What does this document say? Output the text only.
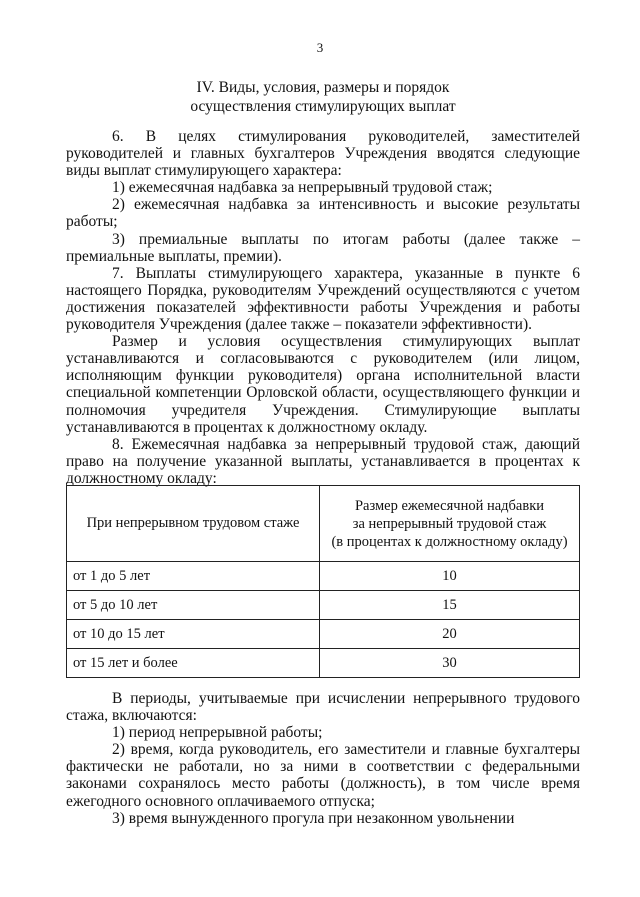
3
IV. Виды, условия, размеры и порядок
осуществления стимулирующих выплат

6. В целях стимулирования руководителей, заместителей руководителей и главных бухгалтеров Учреждения вводятся следующие виды выплат стимулирующего характера:

1) ежемесячная надбавка за непрерывный трудовой стаж;

2) ежемесячная надбавка за интенсивность и высокие результаты работы;

3) премиальные выплаты по итогам работы (далее также – премиальные выплаты, премии).

7. Выплаты стимулирующего характера, указанные в пункте 6 настоящего Порядка, руководителям Учреждений осуществляются с учетом достижения показателей эффективности работы Учреждения и работы руководителя Учреждения (далее также – показатели эффективности).

Размер и условия осуществления стимулирующих выплат устанавливаются и согласовываются с руководителем (или лицом, исполняющим функции руководителя) органа исполнительной власти специальной компетенции Орловской области, осуществляющего функции и полномочия учредителя Учреждения. Стимулирующие выплаты устанавливаются в процентах к должностному окладу.

8. Ежемесячная надбавка за непрерывный трудовой стаж, дающий право на получение указанной выплаты, устанавливается в процентах к должностному окладу:

При непрерывном трудовом стаже	Размер ежемесячной надбавки
за непрерывный трудовой стаж
(в процентах к должностному окладу)
от 1 до 5 лет	10
от 5 до 10 лет	15
от 10 до 15 лет	20
от 15 лет и более	30

В периоды, учитываемые при исчислении непрерывного трудового стажа, включаются:

1) период непрерывной работы;

2) время, когда руководитель, его заместители и главные бухгалтеры фактически не работали, но за ними в соответствии с федеральными законами сохранялось место работы (должность), в том числе время ежегодного основного оплачиваемого отпуска;

3) время вынужденного прогула при незаконном увольнении
